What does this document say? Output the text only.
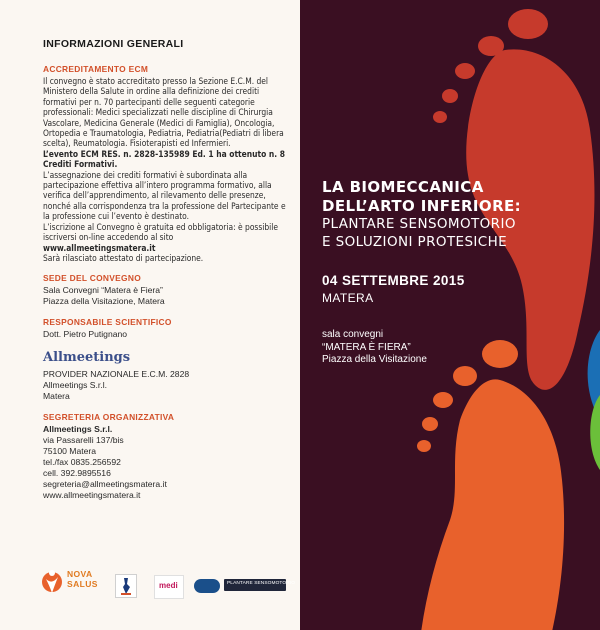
INFORMAZIONI GENERALI
ACCREDITAMENTO ECM
Il convegno è stato accreditato presso la Sezione E.C.M. del Ministero della Salute in ordine alla definizione dei crediti formativi per n. 70 partecipanti delle seguenti categorie professionali: Medici specializzati nelle discipline di Chirurgia Vascolare, Medicina Generale (Medici di Famiglia), Oncologia, Ortopedia e Traumatologia, Pediatria, Pediatria(Pediatri di libera scelta), Reumatologia. Fisioterapisti ed Infermieri.
L’evento ECM RES. n. 2828-135989 Ed. 1 ha ottenuto n. 8 Crediti Formativi.
L’assegnazione dei crediti formativi è subordinata alla partecipazione effettiva all’intero programma formativo, alla verifica dell’apprendimento, al rilevamento delle presenze, nonché alla corrispondenza tra la professione del Partecipante e la professione cui l’evento è destinato.
L’iscrizione al Convegno è gratuita ed obbligatoria: è possibile iscriversi on-line accedendo al sito
www.allmeetingsmatera.it
Sarà rilasciato attestato di partecipazione.
SEDE DEL CONVEGNO
Sala Convegni “Matera è Fiera”
Piazza della Visitazione, Matera
RESPONSABILE SCIENTIFICO
Dott. Pietro Putignano
Allmeetings
PROVIDER NAZIONALE E.C.M. 2828
Allmeetings S.r.l.
Matera
SEGRETERIA ORGANIZZATIVA
Allmeetings S.r.l.
via Passarelli 137/bis
75100 Matera
tel./fax 0835.256592
cell. 392.9895516
segreteria@allmeetingsmatera.it
www.allmeetingsmatera.it
NOVA
SALUS	medi	PLANTARE SENSOMOTORIO
LA BIOMECCANICA
DELL’ARTO INFERIORE:
PLANTARE SENSOMOTORIO
E SOLUZIONI PROTESICHE
04 SETTEMBRE 2015
MATERA
sala convegni
“MATERA È FIERA”
Piazza della Visitazione
